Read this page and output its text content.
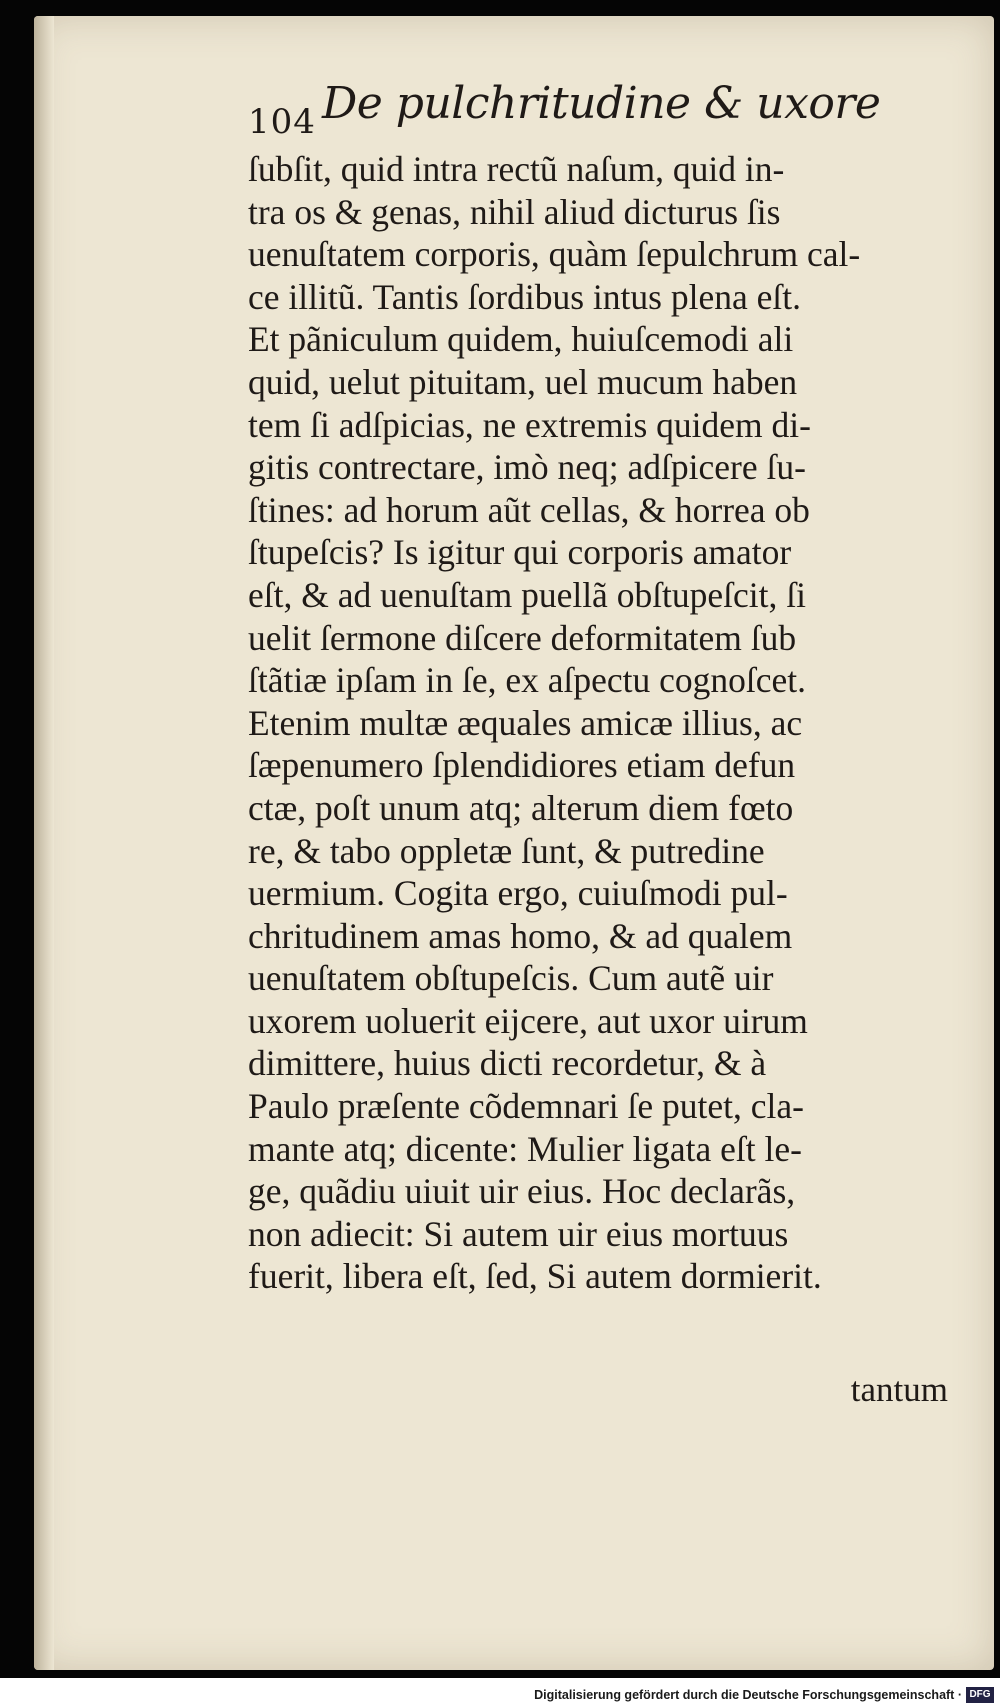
104 De pulchritudine & uxore
ſubſit, quid intra rectũ naſum, quid in-
tra os & genas, nihil aliud dicturus ſis
uenuſtatem corporis, quàm ſepulchrum cal-
ce illitũ. Tantis ſordibus intus plena eſt.
Et pãniculum quidem, huiuſcemodi ali
quid, uelut pituitam, uel mucum haben
tem ſi adſpicias, ne extremis quidem di-
gitis contrectare, imò neq; adſpicere ſu-
ſtines: ad horum aũt cellas, & horrea ob
ſtupeſcis? Is igitur qui corporis amator
eſt, & ad uenuſtam puellã obſtupeſcit, ſi
uelit ſermone diſcere deformitatem ſub
ſtãtiæ ipſam in ſe, ex aſpectu cognoſcet.
Etenim multæ æquales amicæ illius, ac
ſæpenumero ſplendidiores etiam defun
ctæ, poſt unum atq; alterum diem fœto
re, & tabo oppletæ ſunt, & putredine
uermium. Cogita ergo, cuiuſmodi pul-
chritudinem amas homo, & ad qualem
uenuſtatem obſtupeſcis. Cum autẽ uir
uxorem uoluerit eijcere, aut uxor uirum
dimittere, huius dicti recordetur, & à
Paulo præſente cõdemnari ſe putet, cla-
mante atq; dicente: Mulier ligata eſt le-
ge, quãdiu uiuit uir eius. Hoc declarãs,
non adiecit: Si autem uir eius mortuus
fuerit, libera eſt, ſed, Si autem dormierit.
tantum
Digitalisierung gefördert durch die Deutsche Forschungsgemeinschaft · DFG
